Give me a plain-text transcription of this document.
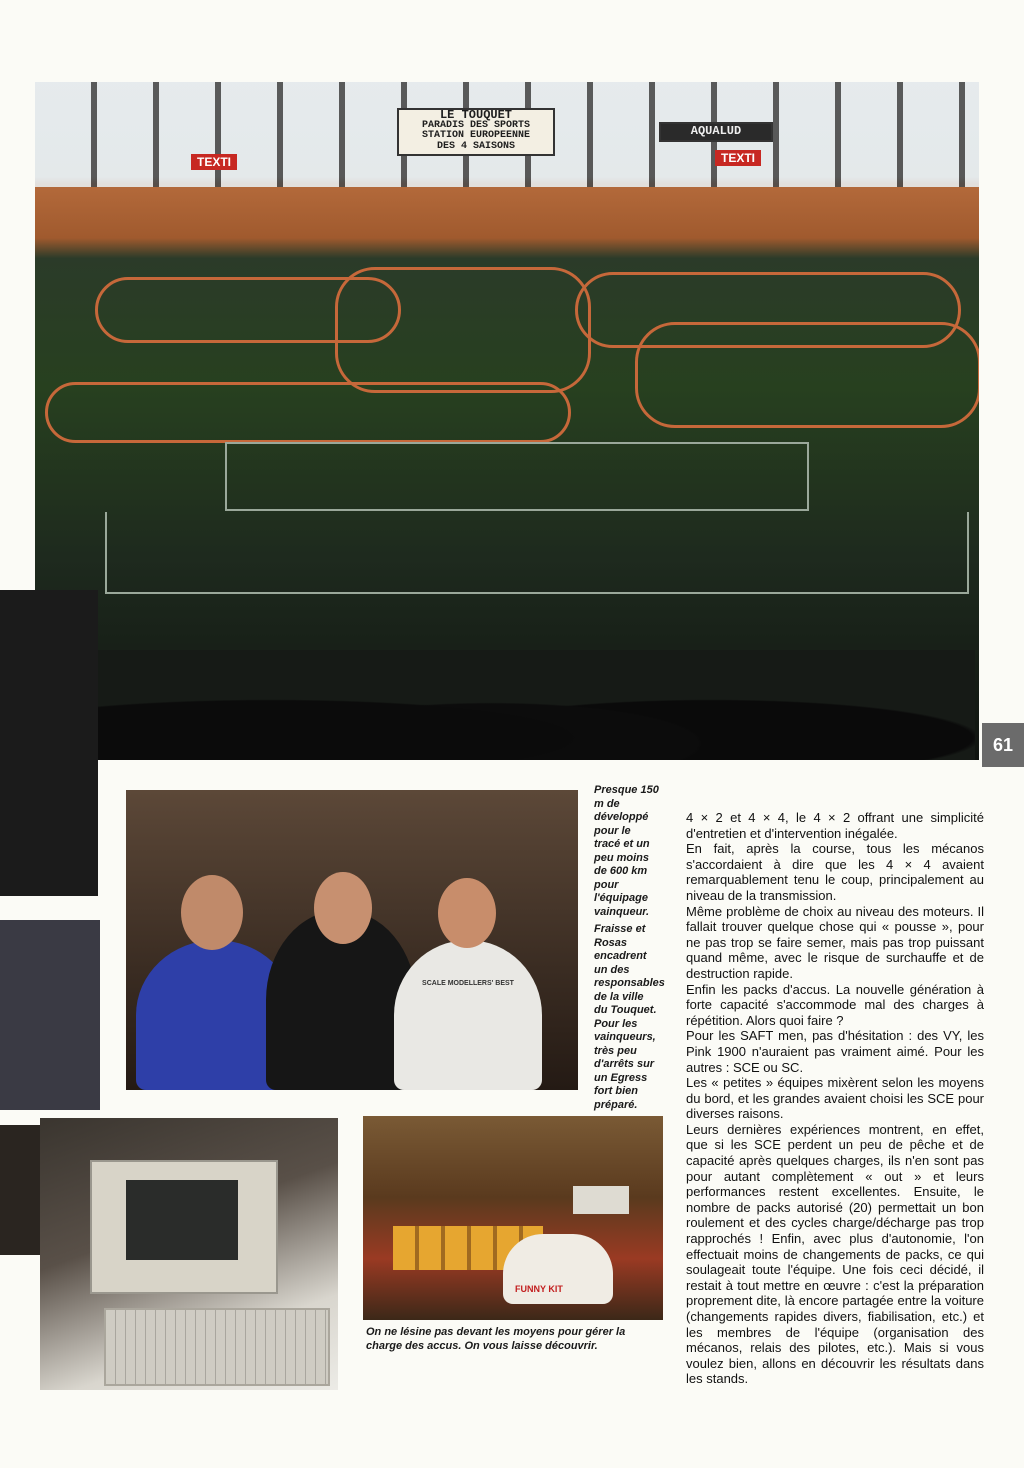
LE TOUQUET
PARADIS DES SPORTS
STATION EUROPEENNE
DES 4 SAISONS
AQUALUD
TEXTI	TEXTI
61
SCALE MODELLERS' BEST
Presque 150 m de développé pour le tracé et un peu moins de 600 km pour l'équipage vainqueur.
Fraisse et Rosas encadrent un des responsables de la ville du Touquet. Pour les vainqueurs, très peu d'arrêts sur un Egress fort bien préparé.
FUNNY KIT
On ne lésine pas devant les moyens pour gérer la charge des accus. On vous laisse découvrir.

4 × 2 et 4 × 4, le 4 × 2 offrant une simplicité d'entretien et d'intervention inégalée.

En fait, après la course, tous les mécanos s'accordaient à dire que les 4 × 4 avaient remarquablement tenu le coup, principalement au niveau de la transmission.

Même problème de choix au niveau des moteurs. Il fallait trouver quelque chose qui « pousse », pour ne pas trop se faire semer, mais pas trop puissant quand même, avec le risque de surchauffe et de destruction rapide.

Enfin les packs d'accus. La nouvelle génération à forte capacité s'accommode mal des charges à répétition. Alors quoi faire ?

Pour les SAFT men, pas d'hésitation : des VY, les Pink 1900 n'auraient pas vraiment aimé. Pour les autres : SCE ou SC.

Les « petites » équipes mixèrent selon les moyens du bord, et les grandes avaient choisi les SCE pour diverses raisons.

Leurs dernières expériences montrent, en effet, que si les SCE perdent un peu de pêche et de capacité après quelques charges, ils n'en sont pas pour autant complètement « out » et leurs performances restent excellentes. Ensuite, le nombre de packs autorisé (20) permettait un bon roulement et des cycles charge/décharge pas trop rapprochés ! Enfin, avec plus d'autonomie, l'on effectuait moins de changements de packs, ce qui soulageait toute l'équipe. Une fois ceci décidé, il restait à tout mettre en œuvre : c'est la préparation proprement dite, là encore partagée entre la voiture (changements rapides divers, fiabilisation, etc.) et les membres de l'équipe (organisation des mécanos, relais des pilotes, etc.). Mais si vous voulez bien, allons en découvrir les résultats dans les stands.
